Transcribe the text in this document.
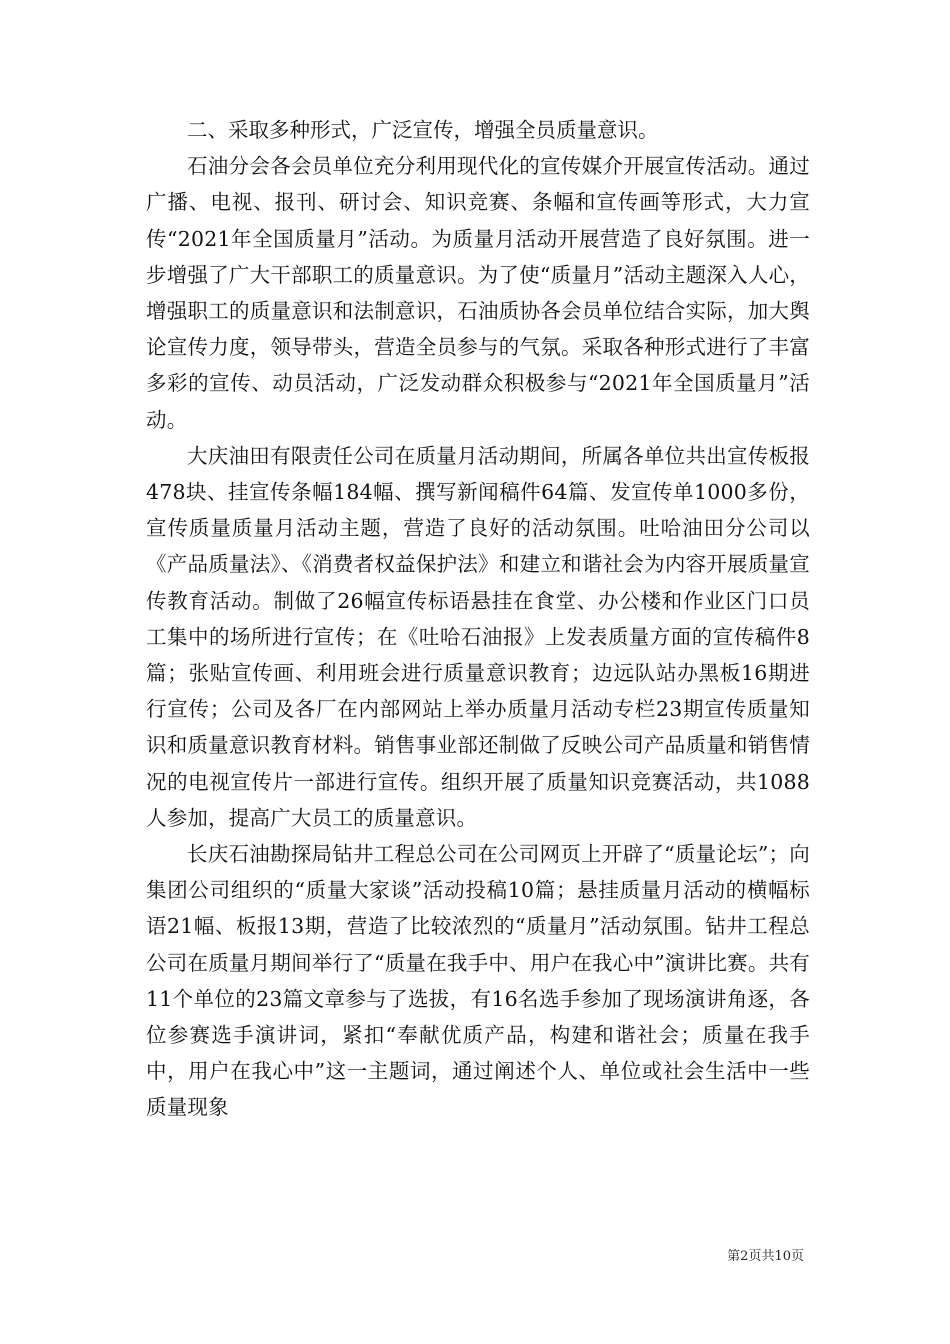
二、采取多种形式，广泛宣传，增强全员质量意识。

石油分会各会员单位充分利用现代化的宣传媒介开展宣传活动。通过广播、电视、报刊、研讨会、知识竞赛、条幅和宣传画等形式，大力宣传“2021年全国质量月”活动。为质量月活动开展营造了良好氛围。进一步增强了广大干部职工的质量意识。为了使“质量月”活动主题深入人心，增强职工的质量意识和法制意识，石油质协各会员单位结合实际，加大舆论宣传力度，领导带头，营造全员参与的气氛。采取各种形式进行了丰富多彩的宣传、动员活动，广泛发动群众积极参与“2021年全国质量月”活动。

大庆油田有限责任公司在质量月活动期间，所属各单位共出宣传板报478块、挂宣传条幅184幅、撰写新闻稿件64篇、发宣传单1000多份，宣传质量质量月活动主题，营造了良好的活动氛围。吐哈油田分公司以《产品质量法》、《消费者权益保护法》和建立和谐社会为内容开展质量宣传教育活动。制做了26幅宣传标语悬挂在食堂、办公楼和作业区门口员工集中的场所进行宣传；在《吐哈石油报》上发表质量方面的宣传稿件8篇；张贴宣传画、利用班会进行质量意识教育；边远队站办黑板16期进行宣传；公司及各厂在内部网站上举办质量月活动专栏23期宣传质量知识和质量意识教育材料。销售事业部还制做了反映公司产品质量和销售情况的电视宣传片一部进行宣传。组织开展了质量知识竞赛活动，共1088人参加，提高广大员工的质量意识。

长庆石油勘探局钻井工程总公司在公司网页上开辟了“质量论坛”；向集团公司组织的“质量大家谈”活动投稿10篇；悬挂质量月活动的横幅标语21幅、板报13期，营造了比较浓烈的“质量月”活动氛围。钻井工程总公司在质量月期间举行了“质量在我手中、用户在我心中”演讲比赛。共有11个单位的23篇文章参与了选拔，有16名选手参加了现场演讲角逐，各位参赛选手演讲词，紧扣“奉献优质产品，构建和谐社会；质量在我手中，用户在我心中”这一主题词，通过阐述个人、单位或社会生活中一些质量现象

第2页共10页
